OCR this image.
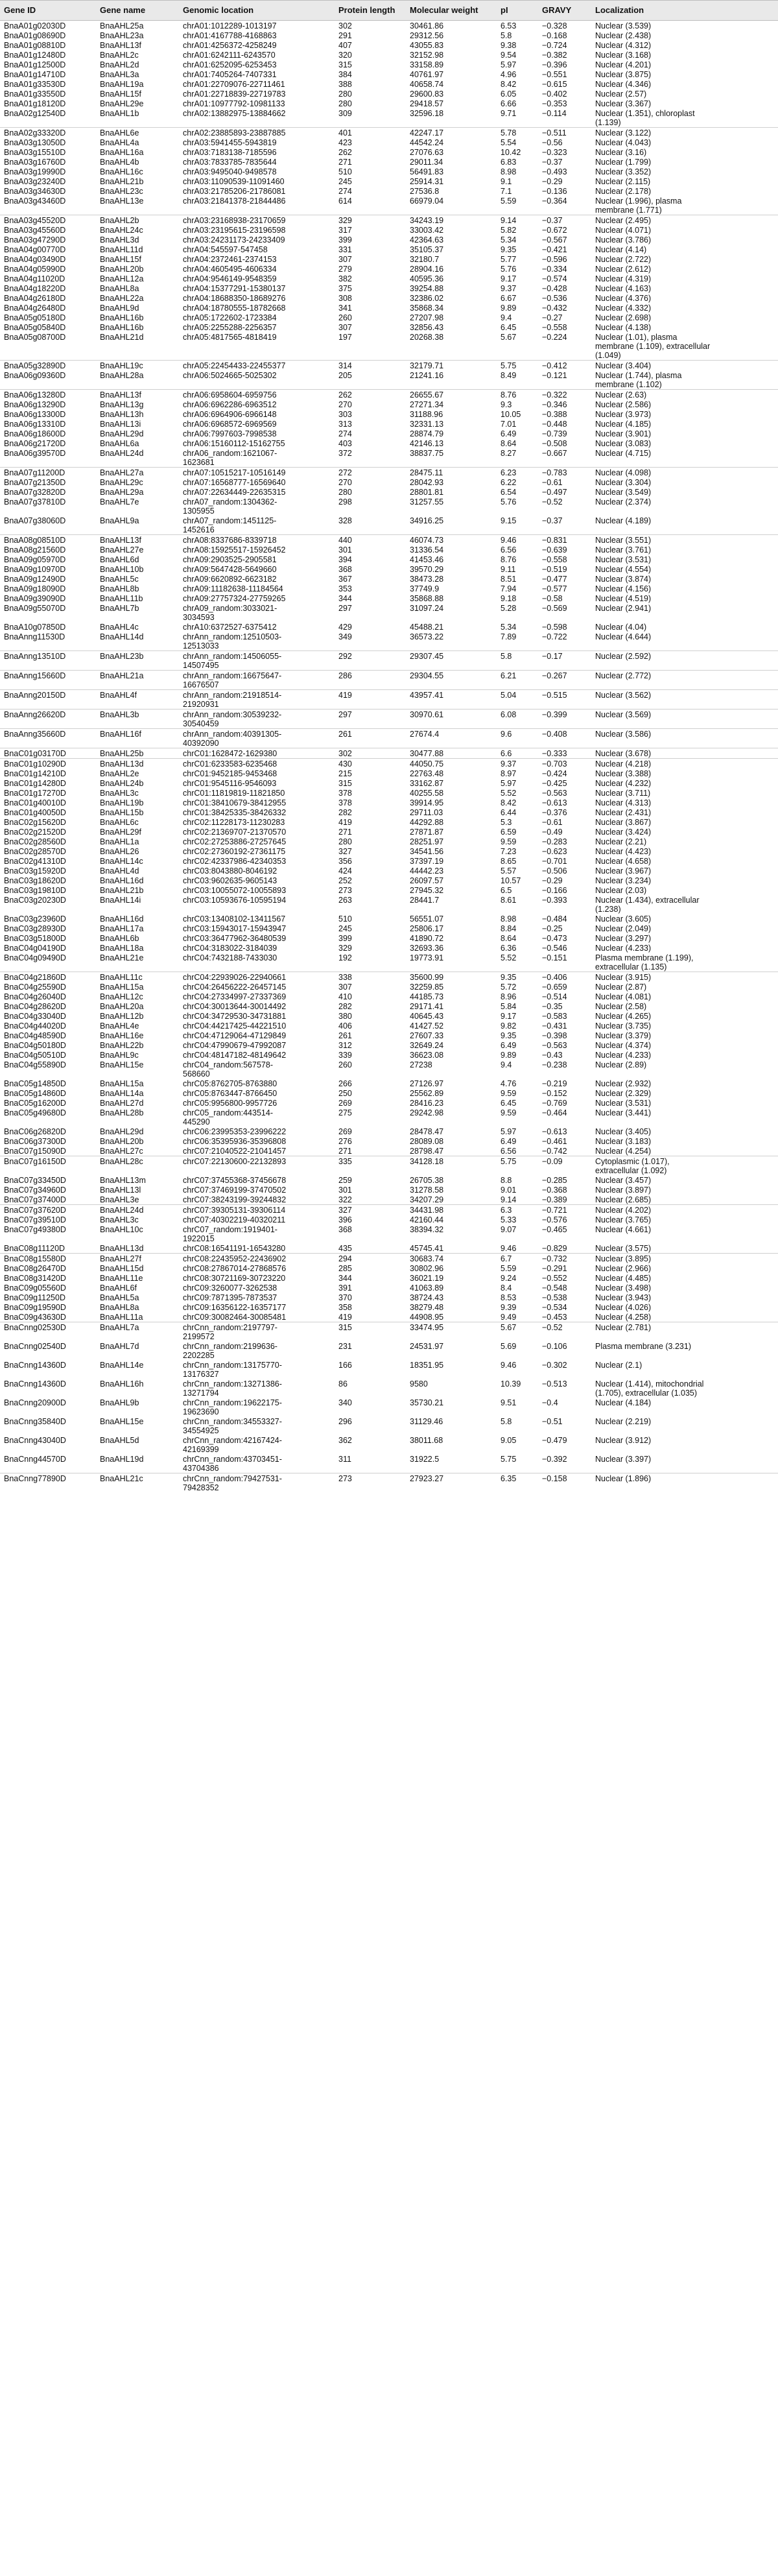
Gene ID	Gene name	Genomic location	Protein length	Molecular weight	pI	GRAVY	Localization
BnaA01g02030D	BnaAHL25a	chrA01:1012289-1013197	302	30461.86	6.53	−0.328	Nuclear (3.539)
BnaA01g08690D	BnaAHL23a	chrA01:4167788-4168863	291	29312.56	5.8	−0.168	Nuclear (2.438)
BnaA01g08810D	BnaAHL13f	chrA01:4256372-4258249	407	43055.83	9.38	−0.724	Nuclear (4.312)
BnaA01g12480D	BnaAHL2c	chrA01:6242111-6243570	320	32152.98	9.54	−0.382	Nuclear (3.168)
BnaA01g12500D	BnaAHL2d	chrA01:6252095-6253453	315	33158.89	5.97	−0.396	Nuclear (4.201)
BnaA01g14710D	BnaAHL3a	chrA01:7405264-7407331	384	40761.97	4.96	−0.551	Nuclear (3.875)
BnaA01g33530D	BnaAHL19a	chrA01:22709076-22711461	388	40658.74	8.42	−0.615	Nuclear (4.346)
BnaA01g33550D	BnaAHL15f	chrA01:22718839-22719783	280	29600.83	6.05	−0.402	Nuclear (2.57)
BnaA01g18120D	BnaAHL29e	chrA01:10977792-10981133	280	29418.57	6.66	−0.353	Nuclear (3.367)
BnaA02g12540D	BnaAHL1b	chrA02:13882975-13884662	309	32596.18	9.71	−0.114	Nuclear (1.351), chloroplast
(1.139)
BnaA02g33320D	BnaAHL6e	chrA02:23885893-23887885	401	42247.17	5.78	−0.511	Nuclear (3.122)
BnaA03g13050D	BnaAHL4a	chrA03:5941455-5943819	423	44542.24	5.54	−0.56	Nuclear (4.043)
BnaA03g15510D	BnaAHL16a	chrA03:7183138-7185596	262	27076.63	10.42	−0.323	Nuclear (3.16)
BnaA03g16760D	BnaAHL4b	chrA03:7833785-7835644	271	29011.34	6.83	−0.37	Nuclear (1.799)
BnaA03g19990D	BnaAHL16c	chrA03:9495040-9498578	510	56491.83	8.98	−0.493	Nuclear (3.352)
BnaA03g23240D	BnaAHL21b	chrA03:11090539-11091460	245	25914.31	9.1	−0.29	Nuclear (2.115)
BnaA03g34630D	BnaAHL23c	chrA03:21785206-21786081	274	27536.8	7.1	−0.136	Nuclear (2.178)
BnaA03g43460D	BnaAHL13e	chrA03:21841378-21844486	614	66979.04	5.59	−0.364	Nuclear (1.996), plasma
membrane (1.771)
BnaA03g45520D	BnaAHL2b	chrA03:23168938-23170659	329	34243.19	9.14	−0.37	Nuclear (2.495)
BnaA03g45560D	BnaAHL24c	chrA03:23195615-23196598	317	33003.42	5.82	−0.672	Nuclear (4.071)
BnaA03g47290D	BnaAHL3d	chrA03:24231173-24233409	399	42364.63	5.34	−0.567	Nuclear (3.786)
BnaA04g00770D	BnaAHL11d	chrA04:545597-547458	331	35105.37	9.35	−0.421	Nuclear (4.14)
BnaA04g03490D	BnaAHL15f	chrA04:2372461-2374153	307	32180.7	5.77	−0.596	Nuclear (2.722)
BnaA04g05990D	BnaAHL20b	chrA04:4605495-4606334	279	28904.16	5.76	−0.334	Nuclear (2.612)
BnaA04g11020D	BnaAHL12a	chrA04:9546149-9548359	382	40595.36	9.17	−0.574	Nuclear (4.319)
BnaA04g18220D	BnaAHL8a	chrA04:15377291-15380137	375	39254.88	9.37	−0.428	Nuclear (4.163)
BnaA04g26180D	BnaAHL22a	chrA04:18688350-18689276	308	32386.02	6.67	−0.536	Nuclear (4.376)
BnaA04g26480D	BnaAHL9d	chrA04:18780555-18782668	341	35868.34	9.89	−0.432	Nuclear (4.332)
BnaA05g05180D	BnaAHL16b	chrA05:1722602-1723384	260	27207.98	9.4	−0.27	Nuclear (2.698)
BnaA05g05840D	BnaAHL16b	chrA05:2255288-2256357	307	32856.43	6.45	−0.558	Nuclear (4.138)
BnaA05g08700D	BnaAHL21d	chrA05:4817565-4818419	197	20268.38	5.67	−0.224	Nuclear (1.01), plasma
membrane (1.109), extracellular
(1.049)
BnaA05g32890D	BnaAHL19c	chrA05:22454433-22455377	314	32179.71	5.75	−0.412	Nuclear (3.404)
BnaA06g09360D	BnaAHL28a	chrA06:5024665-5025302	205	21241.16	8.49	−0.121	Nuclear (1.744), plasma
membrane (1.102)
BnaA06g13280D	BnaAHL13f	chrA06:6958604-6959756	262	26655.67	8.76	−0.322	Nuclear (2.63)
BnaA06g13290D	BnaAHL13g	chrA06:6962286-6963512	270	27271.34	9.3	−0.346	Nuclear (2.586)
BnaA06g13300D	BnaAHL13h	chrA06:6964906-6966148	303	31188.96	10.05	−0.388	Nuclear (3.973)
BnaA06g13310D	BnaAHL13i	chrA06:6968572-6969569	313	32331.13	7.01	−0.448	Nuclear (4.185)
BnaA06g18600D	BnaAHL29d	chrA06:7997603-7998538	274	28874.79	6.49	−0.739	Nuclear (3.901)
BnaA06g21720D	BnaAHL6a	chrA06:15160112-15162755	403	42146.13	8.64	−0.508	Nuclear (3.083)
BnaA06g39570D	BnaAHL24d	chrA06_random:1621067-
1623681	372	38837.75	8.27	−0.667	Nuclear (4.715)
BnaA07g11200D	BnaAHL27a	chrA07:10515217-10516149	272	28475.11	6.23	−0.783	Nuclear (4.098)
BnaA07g21350D	BnaAHL29c	chrA07:16568777-16569640	270	28042.93	6.22	−0.61	Nuclear (3.304)
BnaA07g32820D	BnaAHL29a	chrA07:22634449-22635315	280	28801.81	6.54	−0.497	Nuclear (3.549)
BnaA07g37810D	BnaAHL7e	chrA07_random:1304362-
1305955	298	31257.55	5.76	−0.52	Nuclear (2.374)
BnaA07g38060D	BnaAHL9a	chrA07_random:1451125-
1452616	328	34916.25	9.15	−0.37	Nuclear (4.189)
BnaA08g08510D	BnaAHL13f	chrA08:8337686-8339718	440	46074.73	9.46	−0.831	Nuclear (3.551)
BnaA08g21560D	BnaAHL27e	chrA08:15925517-15926452	301	31336.54	6.56	−0.639	Nuclear (3.761)
BnaA09g05970D	BnaAHL6d	chrA09:2903525-2905581	394	41453.46	8.76	−0.558	Nuclear (3.531)
BnaA09g10970D	BnaAHL10b	chrA09:5647428-5649660	368	39570.29	9.11	−0.519	Nuclear (4.554)
BnaA09g12490D	BnaAHL5c	chrA09:6620892-6623182	367	38473.28	8.51	−0.477	Nuclear (3.874)
BnaA09g18090D	BnaAHL8b	chrA09:11182638-11184564	353	37749.9	7.94	−0.577	Nuclear (4.156)
BnaA09g39090D	BnaAHL11b	chrA09:27757324-27759265	344	35868.88	9.18	−0.58	Nuclear (4.519)
BnaA09g55070D	BnaAHL7b	chrA09_random:3033021-
3034593	297	31097.24	5.28	−0.569	Nuclear (2.941)
BnaA10g07850D	BnaAHL4c	chrA10:6372527-6375412	429	45488.21	5.34	−0.598	Nuclear (4.04)
BnaAnng11530D	BnaAHL14d	chrAnn_random:12510503-
12513033	349	36573.22	7.89	−0.722	Nuclear (4.644)
BnaAnng13510D	BnaAHL23b	chrAnn_random:14506055-
14507495	292	29307.45	5.8	−0.17	Nuclear (2.592)
BnaAnng15660D	BnaAHL21a	chrAnn_random:16675647-
16676507	286	29304.55	6.21	−0.267	Nuclear (2.772)
BnaAnng20150D	BnaAHL4f	chrAnn_random:21918514-
21920931	419	43957.41	5.04	−0.515	Nuclear (3.562)
BnaAnng26620D	BnaAHL3b	chrAnn_random:30539232-
30540459	297	30970.61	6.08	−0.399	Nuclear (3.569)
BnaAnng35660D	BnaAHL16f	chrAnn_random:40391305-
40392090	261	27674.4	9.6	−0.408	Nuclear (3.586)
BnaC01g03170D	BnaAHL25b	chrC01:1628472-1629380	302	30477.88	6.6	−0.333	Nuclear (3.678)
BnaC01g10290D	BnaAHL13d	chrC01:6233583-6235468	430	44050.75	9.37	−0.703	Nuclear (4.218)
BnaC01g14210D	BnaAHL2e	chrC01:9452185-9453468	215	22763.48	8.97	−0.424	Nuclear (3.388)
BnaC01g14280D	BnaAHL24b	chrC01:9545116-9546093	315	33162.87	5.97	−0.425	Nuclear (4.232)
BnaC01g17270D	BnaAHL3c	chrC01:11819819-11821850	378	40255.58	5.52	−0.563	Nuclear (3.711)
BnaC01g40010D	BnaAHL19b	chrC01:38410679-38412955	378	39914.95	8.42	−0.613	Nuclear (4.313)
BnaC01g40050D	BnaAHL15b	chrC01:38425335-38426332	282	29711.03	6.44	−0.376	Nuclear (2.431)
BnaC02g15620D	BnaAHL6c	chrC02:11228173-11230283	419	44292.88	5.3	−0.61	Nuclear (3.867)
BnaC02g21520D	BnaAHL29f	chrC02:21369707-21370570	271	27871.87	6.59	−0.49	Nuclear (3.424)
BnaC02g28560D	BnaAHL1a	chrC02:27253886-27257645	280	28251.97	9.59	−0.283	Nuclear (2.21)
BnaC02g28570D	BnaAHL26	chrC02:27360192-27361175	327	34541.56	7.23	−0.623	Nuclear (4.423)
BnaC02g41310D	BnaAHL14c	chrC02:42337986-42340353	356	37397.19	8.65	−0.701	Nuclear (4.658)
BnaC03g15920D	BnaAHL4d	chrC03:8043880-8046192	424	44442.23	5.57	−0.506	Nuclear (3.967)
BnaC03g18620D	BnaAHL16d	chrC03:9602635-9605143	252	26097.57	10.57	−0.29	Nuclear (3.234)
BnaC03g19810D	BnaAHL21b	chrC03:10055072-10055893	273	27945.32	6.5	−0.166	Nuclear (2.03)
BnaC03g20230D	BnaAHL14i	chrC03:10593676-10595194	263	28441.7	8.61	−0.393	Nuclear (1.434), extracellular
(1.238)
BnaC03g23960D	BnaAHL16d	chrC03:13408102-13411567	510	56551.07	8.98	−0.484	Nuclear (3.605)
BnaC03g28930D	BnaAHL17a	chrC03:15943017-15943947	245	25806.17	8.84	−0.25	Nuclear (2.049)
BnaC03g51800D	BnaAHL6b	chrC03:36477962-36480539	399	41890.72	8.64	−0.473	Nuclear (3.297)
BnaC04g04190D	BnaAHL18a	chrC04:3183022-3184039	329	32693.36	6.36	−0.546	Nuclear (4.233)
BnaC04g09490D	BnaAHL21e	chrC04:7432188-7433030	192	19773.91	5.52	−0.151	Plasma membrane (1.199),
extracellular (1.135)
BnaC04g21860D	BnaAHL11c	chrC04:22939026-22940661	338	35600.99	9.35	−0.406	Nuclear (3.915)
BnaC04g25590D	BnaAHL15a	chrC04:26456222-26457145	307	32259.85	5.72	−0.659	Nuclear (2.87)
BnaC04g26040D	BnaAHL12c	chrC04:27334997-27337369	410	44185.73	8.96	−0.514	Nuclear (4.081)
BnaC04g28620D	BnaAHL20a	chrC04:30013644-30014492	282	29171.41	5.84	−0.35	Nuclear (2.58)
BnaC04g33040D	BnaAHL12b	chrC04:34729530-34731881	380	40645.43	9.17	−0.583	Nuclear (4.265)
BnaC04g44020D	BnaAHL4e	chrC04:44217425-44221510	406	41427.52	9.82	−0.431	Nuclear (3.735)
BnaC04g48590D	BnaAHL16e	chrC04:47129064-47129849	261	27607.33	9.35	−0.398	Nuclear (3.379)
BnaC04g50180D	BnaAHL22b	chrC04:47990679-47992087	312	32649.24	6.49	−0.563	Nuclear (4.374)
BnaC04g50510D	BnaAHL9c	chrC04:48147182-48149642	339	36623.08	9.89	−0.43	Nuclear (4.233)
BnaC04g55890D	BnaAHL15e	chrC04_random:567578-
568660	260	27238	9.4	−0.238	Nuclear (2.89)
BnaC05g14850D	BnaAHL15a	chrC05:8762705-8763880	266	27126.97	4.76	−0.219	Nuclear (2.932)
BnaC05g14860D	BnaAHL14a	chrC05:8763447-8766450	250	25562.89	9.59	−0.152	Nuclear (2.329)
BnaC05g16200D	BnaAHL27d	chrC05:9956800-9957726	269	28416.23	6.45	−0.769	Nuclear (3.531)
BnaC05g49680D	BnaAHL28b	chrC05_random:443514-
445290	275	29242.98	9.59	−0.464	Nuclear (3.441)
BnaC06g26820D	BnaAHL29d	chrC06:23995353-23996222	269	28478.47	5.97	−0.613	Nuclear (3.405)
BnaC06g37300D	BnaAHL20b	chrC06:35395936-35396808	276	28089.08	6.49	−0.461	Nuclear (3.183)
BnaC07g15090D	BnaAHL27c	chrC07:21040522-21041457	271	28798.47	6.56	−0.742	Nuclear (4.254)
BnaC07g16150D	BnaAHL28c	chrC07:22130600-22132893	335	34128.18	5.75	−0.09	Cytoplasmic (1.017),
extracellular (1.092)
BnaC07g33450D	BnaAHL13m	chrC07:37455368-37456678	259	26705.38	8.8	−0.285	Nuclear (3.457)
BnaC07g34960D	BnaAHL13l	chrC07:37469199-37470502	301	31278.58	9.01	−0.368	Nuclear (3.897)
BnaC07g37400D	BnaAHL3e	chrC07:38243199-39244832	322	34207.29	9.14	−0.389	Nuclear (2.685)
BnaC07g37620D	BnaAHL24d	chrC07:39305131-39306114	327	34431.98	6.3	−0.721	Nuclear (4.202)
BnaC07g39510D	BnaAHL3c	chrC07:40302219-40320211	396	42160.44	5.33	−0.576	Nuclear (3.765)
BnaC07g49380D	BnaAHL10c	chrC07_random:1919401-
1922015	368	38394.32	9.07	−0.465	Nuclear (4.661)
BnaC08g11120D	BnaAHL13d	chrC08:16541191-16543280	435	45745.41	9.46	−0.829	Nuclear (3.575)
BnaC08g15580D	BnaAHL27f	chrC08:22435952-22436902	294	30683.74	6.7	−0.732	Nuclear (3.895)
BnaC08g26470D	BnaAHL15d	chrC08:27867014-27868576	285	30802.96	5.59	−0.291	Nuclear (2.966)
BnaC08g31420D	BnaAHL11e	chrC08:30721169-30723220	344	36021.19	9.24	−0.552	Nuclear (4.485)
BnaC09g05560D	BnaAHL6f	chrC09:3260077-3262538	391	41063.89	8.4	−0.548	Nuclear (3.498)
BnaC09g11250D	BnaAHL5a	chrC09:7871395-7873537	370	38724.43	8.53	−0.538	Nuclear (3.943)
BnaC09g19590D	BnaAHL8a	chrC09:16356122-16357177	358	38279.48	9.39	−0.534	Nuclear (4.026)
BnaC09g43630D	BnaAHL11a	chrC09:30082464-30085481	419	44908.95	9.49	−0.453	Nuclear (4.258)
BnaCnng02530D	BnaAHL7a	chrCnn_random:2197797-
2199572	315	33474.95	5.67	−0.52	Nuclear (2.781)
BnaCnng02540D	BnaAHL7d	chrCnn_random:2199636-
2202285	231	24531.97	5.69	−0.106	Plasma membrane (3.231)
BnaCnng14360D	BnaAHL14e	chrCnn_random:13175770-
13176327	166	18351.95	9.46	−0.302	Nuclear (2.1)
BnaCnng14360D	BnaAHL16h	chrCnn_random:13271386-
13271794	86	9580	10.39	−0.513	Nuclear (1.414), mitochondrial
(1.705), extracellular (1.035)
BnaCnng20900D	BnaAHL9b	chrCnn_random:19622175-
19623690	340	35730.21	9.51	−0.4	Nuclear (4.184)
BnaCnng35840D	BnaAHL15e	chrCnn_random:34553327-
34554925	296	31129.46	5.8	−0.51	Nuclear (2.219)
BnaCnng43040D	BnaAHL5d	chrCnn_random:42167424-
42169399	362	38011.68	9.05	−0.479	Nuclear (3.912)
BnaCnng44570D	BnaAHL19d	chrCnn_random:43703451-
43704386	311	31922.5	5.75	−0.392	Nuclear (3.397)
BnaCnng77890D	BnaAHL21c	chrCnn_random:79427531-
79428352	273	27923.27	6.35	−0.158	Nuclear (1.896)
